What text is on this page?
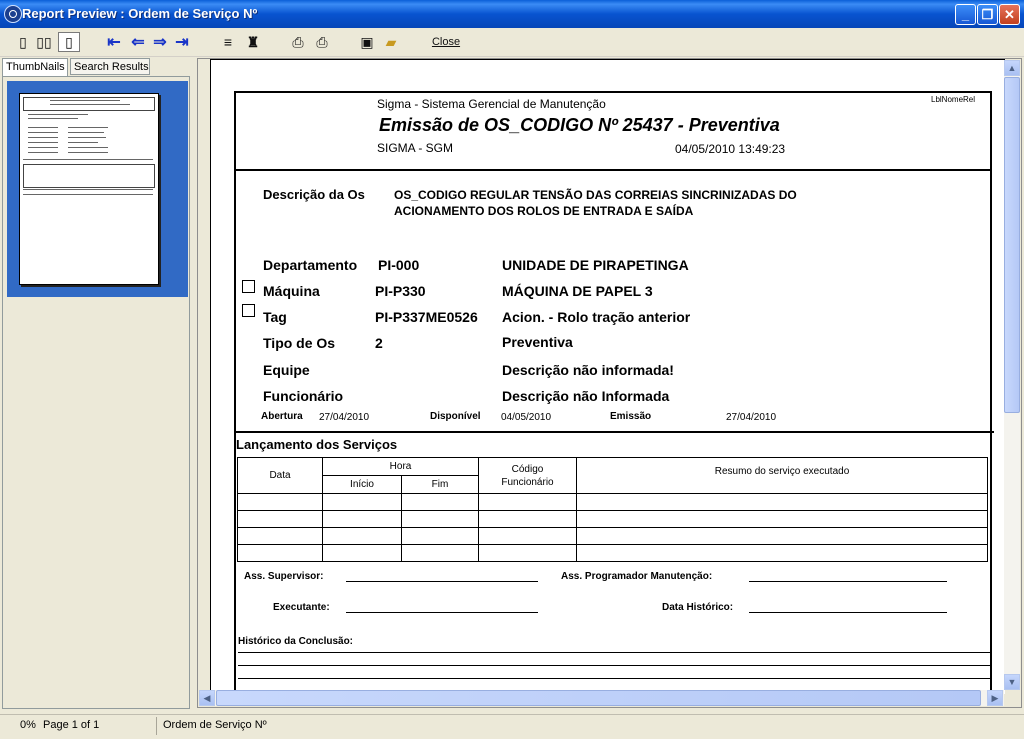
Report Preview : Ordem de Serviço Nº	_ ❐ ✕
▯ ▯▯ ▯	⇤ ⇐ ⇒ ⇥	≡ ♜ ⎙ ⎙ ▣ ▰	Close
ThumbNails Search Results
Sigma - Sistema Gerencial de Manutenção	LblNomeRel
Emissão de OS_CODIGO Nº 25437 - Preventiva
SIGMA - SGM	04/05/2010 13:49:23
Descrição da Os OS_CODIGO REGULAR TENSÃO DAS CORREIAS SINCRINIZADAS DO
ACIONAMENTO DOS ROLOS DE ENTRADA E SAÍDA
Departamento PI-000	UNIDADE DE PIRAPETINGA
Máquina	PI-P330	MÁQUINA DE PAPEL 3
Tag	PI-P337ME0526 Acion. - Rolo tração anterior
Tipo de Os	2	Preventiva
Equipe	Descrição não informada!
Funcionário	Descrição não Informada
Abertura 27/04/2010	Disponível 04/05/2010	Emissão	27/04/2010
Lançamento dos Serviços
Data	Hora		Código
Funcionário	Resumo do serviço executado
	Início	Fim		

Ass. Supervisor:	Ass. Programador Manutenção:
Executante:	Data Histórico:
Histórico da Conclusão:
▲
▼
◀	▶
0% Page 1 of 1	Ordem de Serviço Nº
